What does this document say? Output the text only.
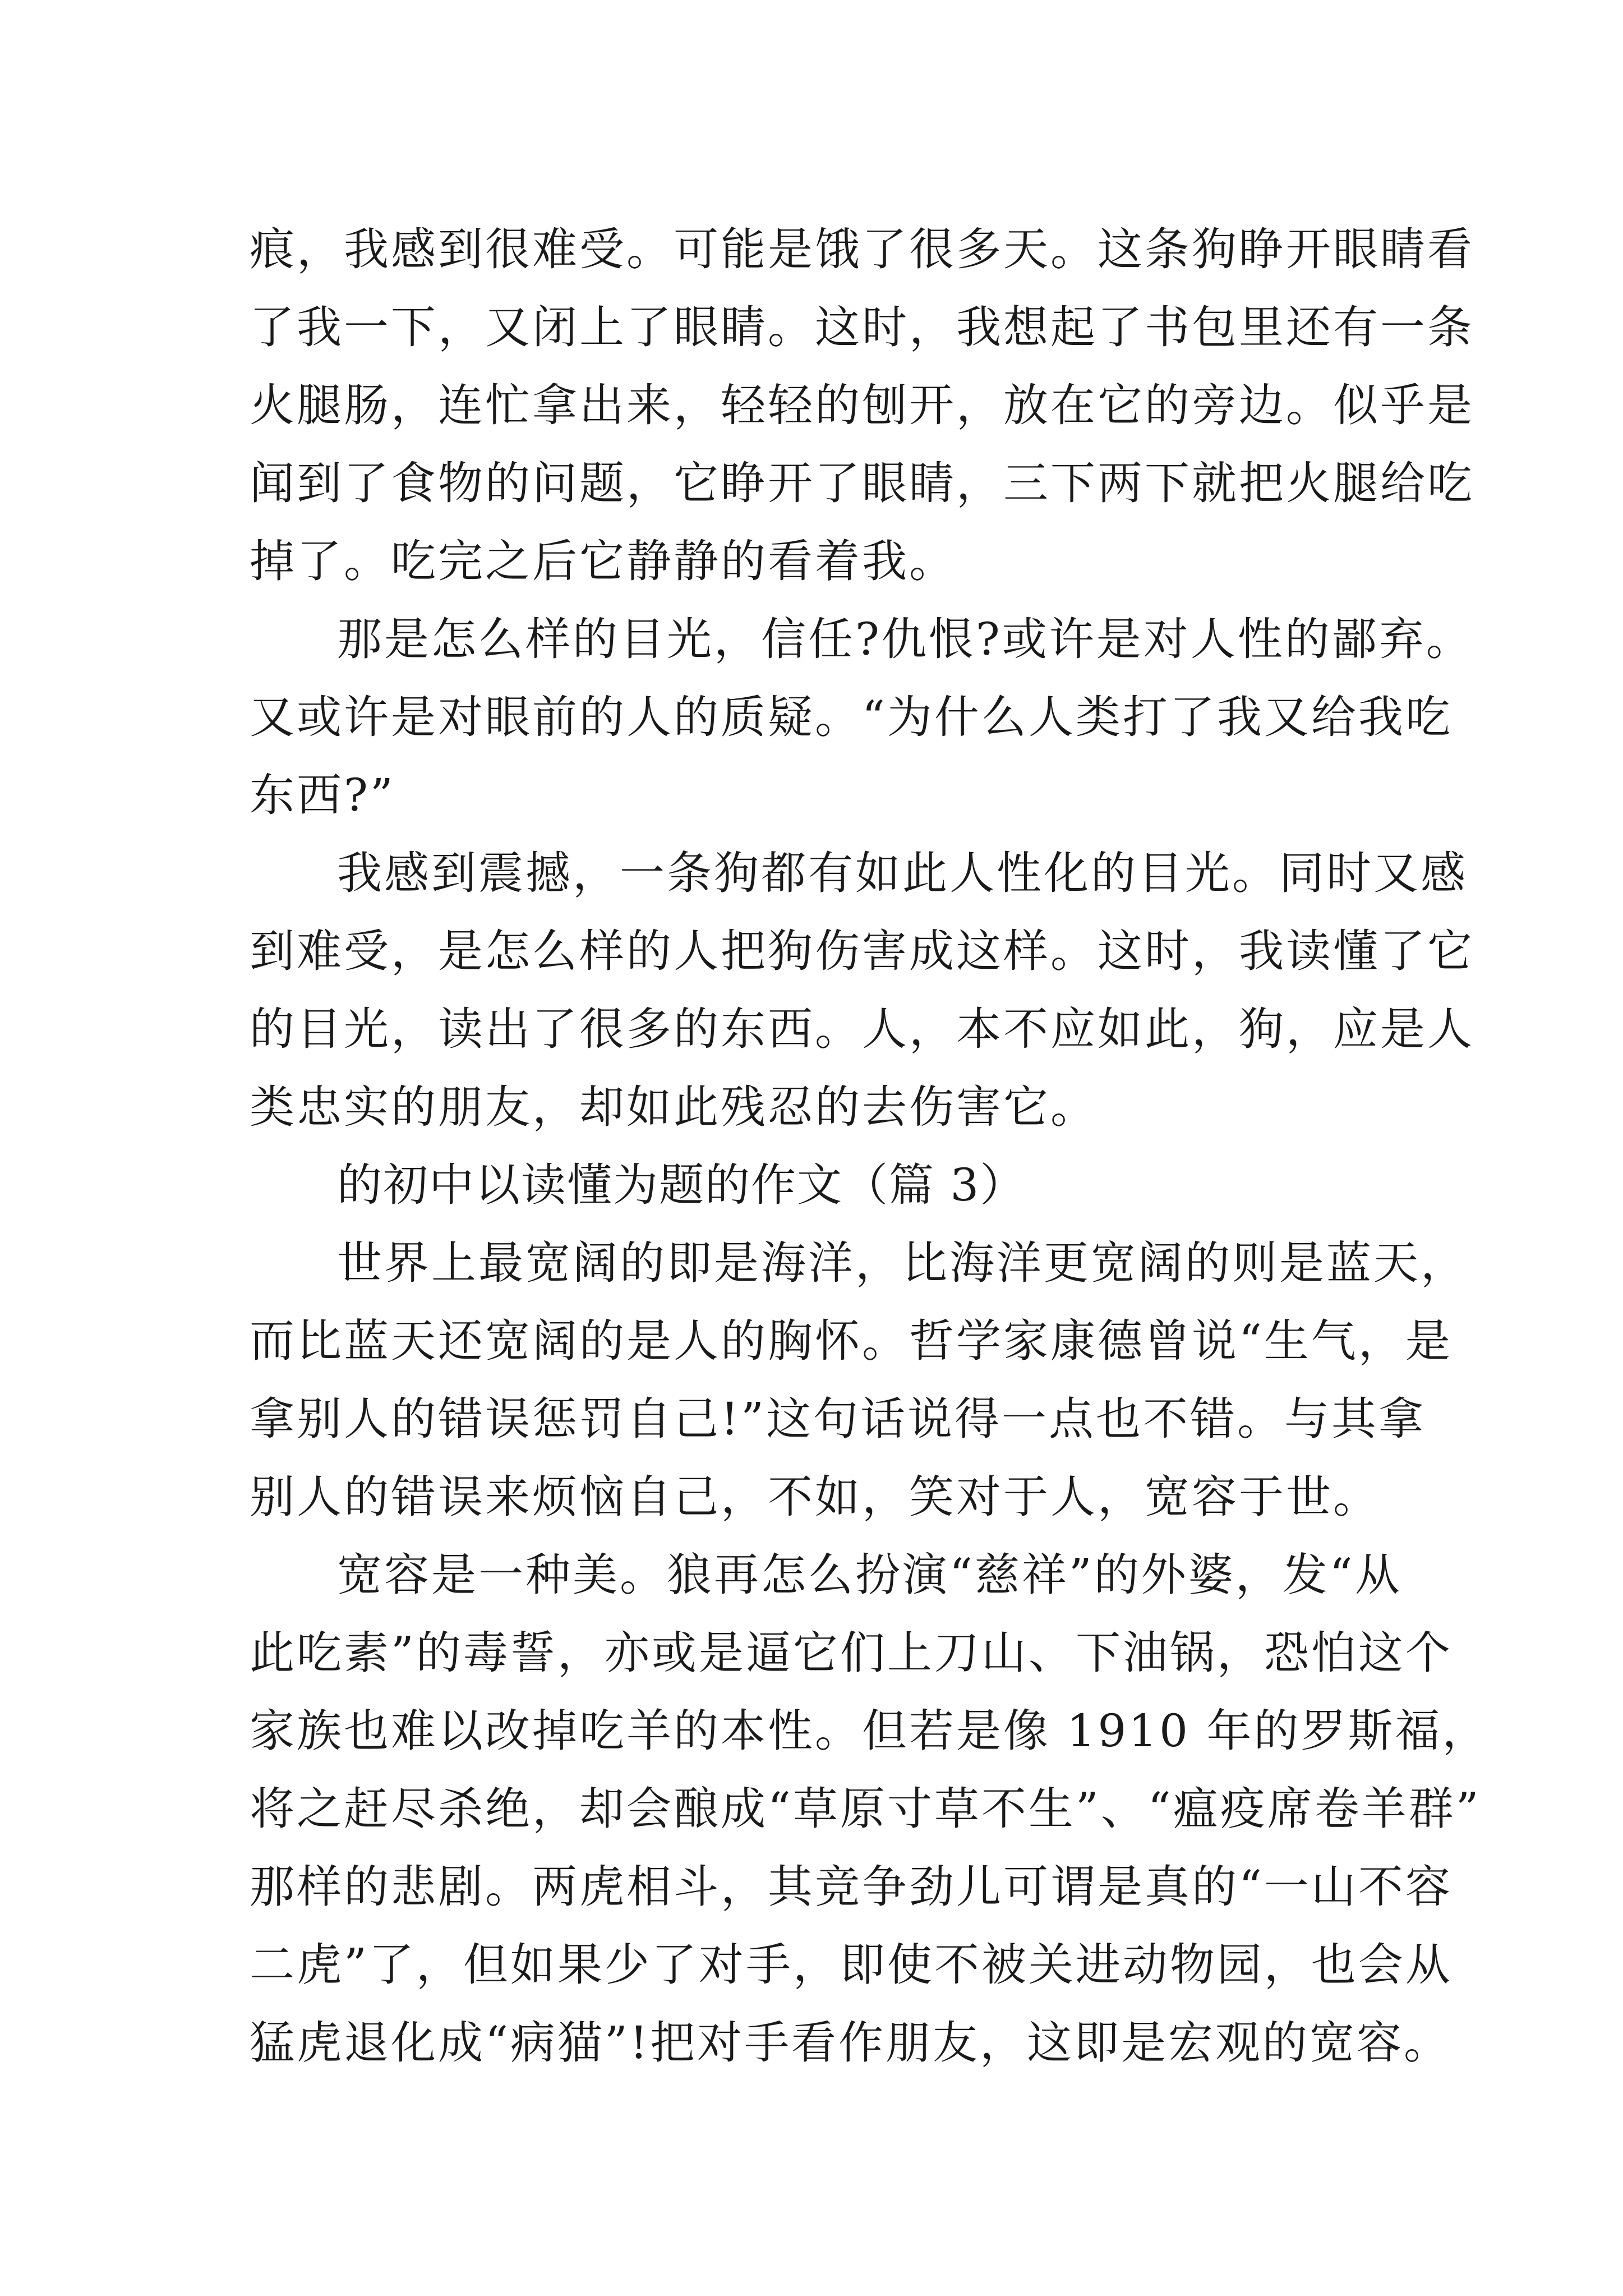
痕，我感到很难受。可能是饿了很多天。这条狗睁开眼睛看
了我一下，又闭上了眼睛。这时，我想起了书包里还有一条
火腿肠，连忙拿出来，轻轻的刨开，放在它的旁边。似乎是
闻到了食物的问题，它睁开了眼睛，三下两下就把火腿给吃
掉了。吃完之后它静静的看着我。
那是怎么样的目光，信任?仇恨?或许是对人性的鄙弃。
又或许是对眼前的人的质疑。“为什么人类打了我又给我吃
东西?”
我感到震撼，一条狗都有如此人性化的目光。同时又感
到难受，是怎么样的人把狗伤害成这样。这时，我读懂了它
的目光，读出了很多的东西。人，本不应如此，狗，应是人
类忠实的朋友，却如此残忍的去伤害它。
的初中以读懂为题的作文（篇 3）
世界上最宽阔的即是海洋，比海洋更宽阔的则是蓝天，
而比蓝天还宽阔的是人的胸怀。哲学家康德曾说“生气，是
拿别人的错误惩罚自己!”这句话说得一点也不错。与其拿
别人的错误来烦恼自己，不如，笑对于人，宽容于世。
宽容是一种美。狼再怎么扮演“慈祥”的外婆，发“从
此吃素”的毒誓，亦或是逼它们上刀山、下油锅，恐怕这个
家族也难以改掉吃羊的本性。但若是像 1910 年的罗斯福，
将之赶尽杀绝，却会酿成“草原寸草不生”、“瘟疫席卷羊群”
那样的悲剧。两虎相斗，其竞争劲儿可谓是真的“一山不容
二虎”了，但如果少了对手，即使不被关进动物园，也会从
猛虎退化成“病猫”!把对手看作朋友，这即是宏观的宽容。
